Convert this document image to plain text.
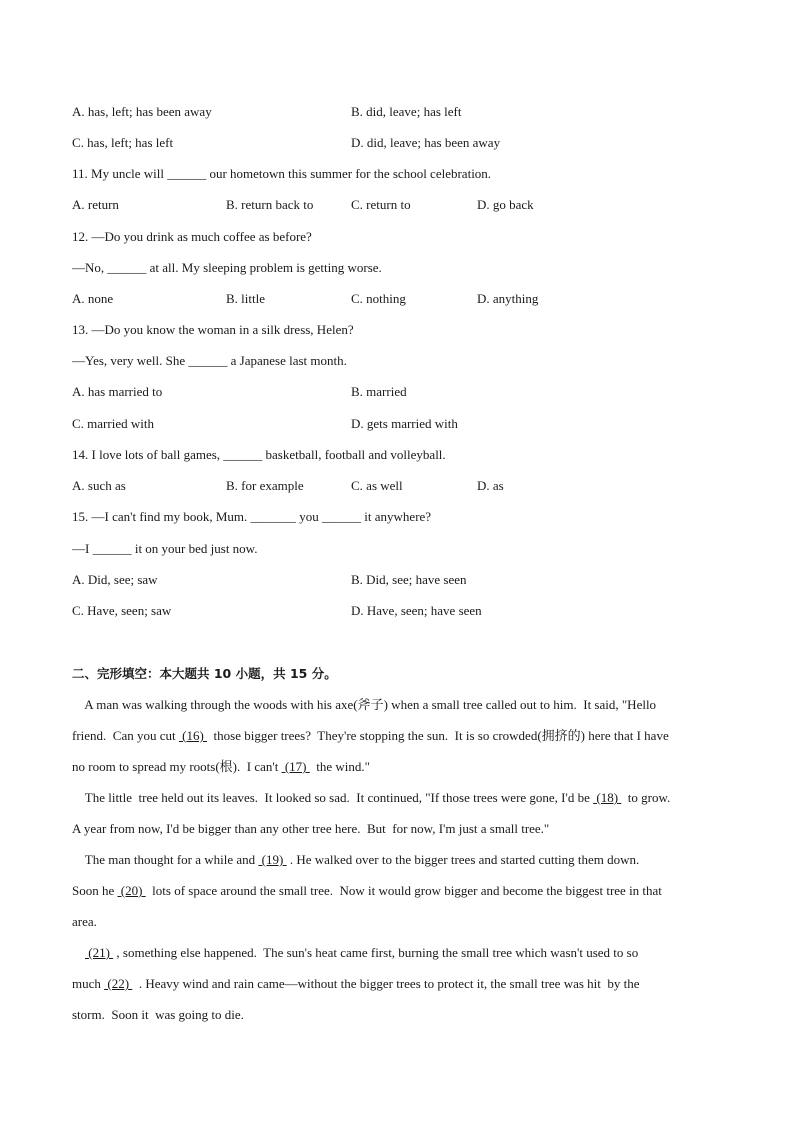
A. has, left; has been away	B. did, leave; has left
C. has, left; has left	D. did, leave; has been away
11. My uncle will ______ our hometown this summer for the school celebration.
A. return	B. return back to	C. return to	D. go back
12. —Do you drink as much coffee as before?
—No, ______ at all. My sleeping problem is getting worse.
A. none	B. little	C. nothing	D. anything
13. —Do you know the woman in a silk dress, Helen?
—Yes, very well. She ______ a Japanese last month.
A. has married to	B. married
C. married with	D. gets married with
14. I love lots of ball games, ______ basketball, football and volleyball.
A. such as	B. for example	C. as well	D. as
15. —I can't find my book, Mum. _______ you ______ it anywhere?
—I ______ it on your bed just now.
A. Did, see; saw	B. Did, see; have seen
C. Have, seen; saw	D. Have, seen; have seen
二、完形填空：本大题共 10 小题，共 15 分。

A man was walking through the woods with his axe(斧子) when a small tree called out to him.  It said, "Hello

friend.  Can you cut  (16)   those bigger trees?  They're stopping the sun.  It is so crowded(拥挤的) here that I have

no room to spread my roots(根).  I can't  (17)   the wind."

The little  tree held out its leaves.  It looked so sad.  It continued, "If those trees were gone, I'd be  (18)   to grow.

A year from now, I'd be bigger than any other tree here.  But  for now, I'm just a small tree."

The man thought for a while and  (19)  . He walked over to the bigger trees and started cutting them down.

Soon he  (20)   lots of space around the small tree.  Now it would grow bigger and become the biggest tree in that

area.

(21)  , something else happened.  The sun's heat came first, burning the small tree which wasn't used to so

much  (22)   . Heavy wind and rain came—without the bigger trees to protect it, the small tree was hit  by the

storm.  Soon it  was going to die.
